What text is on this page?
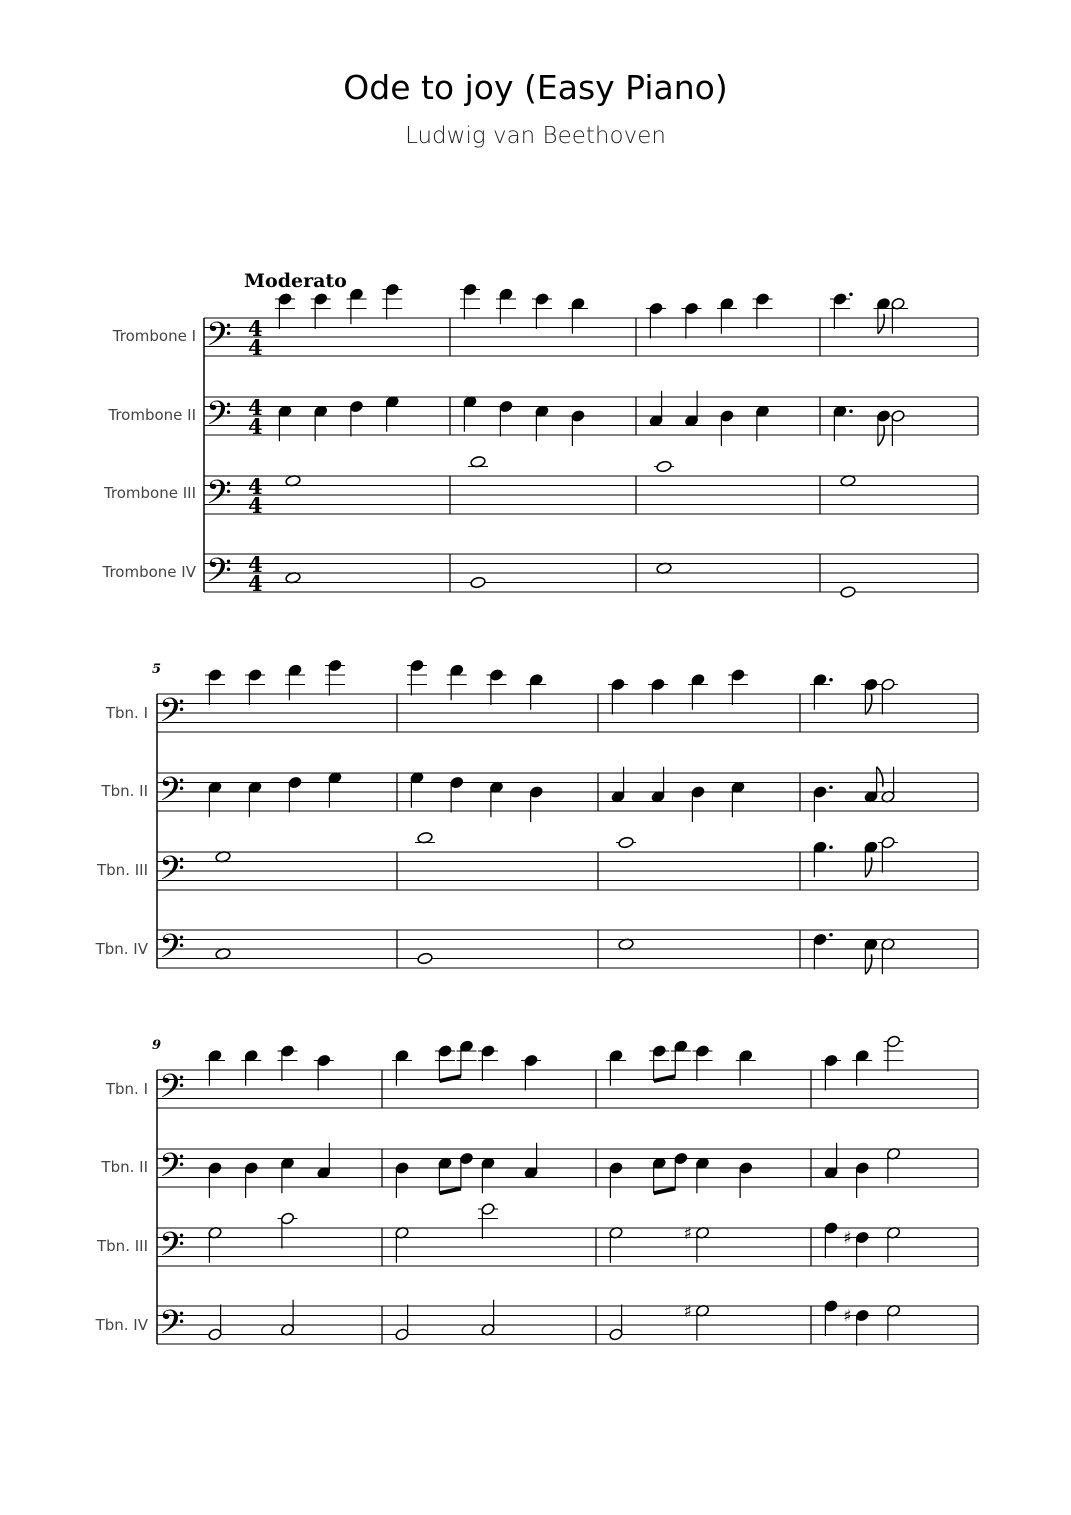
Ode to joy (Easy Piano)
Ludwig van Beethoven
Moderato
Trombone I
Trombone II
Trombone III
Trombone IV
Tbn. I
Tbn. II
Tbn. III
Tbn. IV
Tbn. I
Tbn. II
Tbn. III
Tbn. IV
5
9
𝄢 4
4
𝄢 4
4
𝄢 4
4
𝄢 4
4
𝄢
𝄢
𝄢
𝄢
𝄢
𝄢
𝄢	♯	♯
𝄢	♯	♯
